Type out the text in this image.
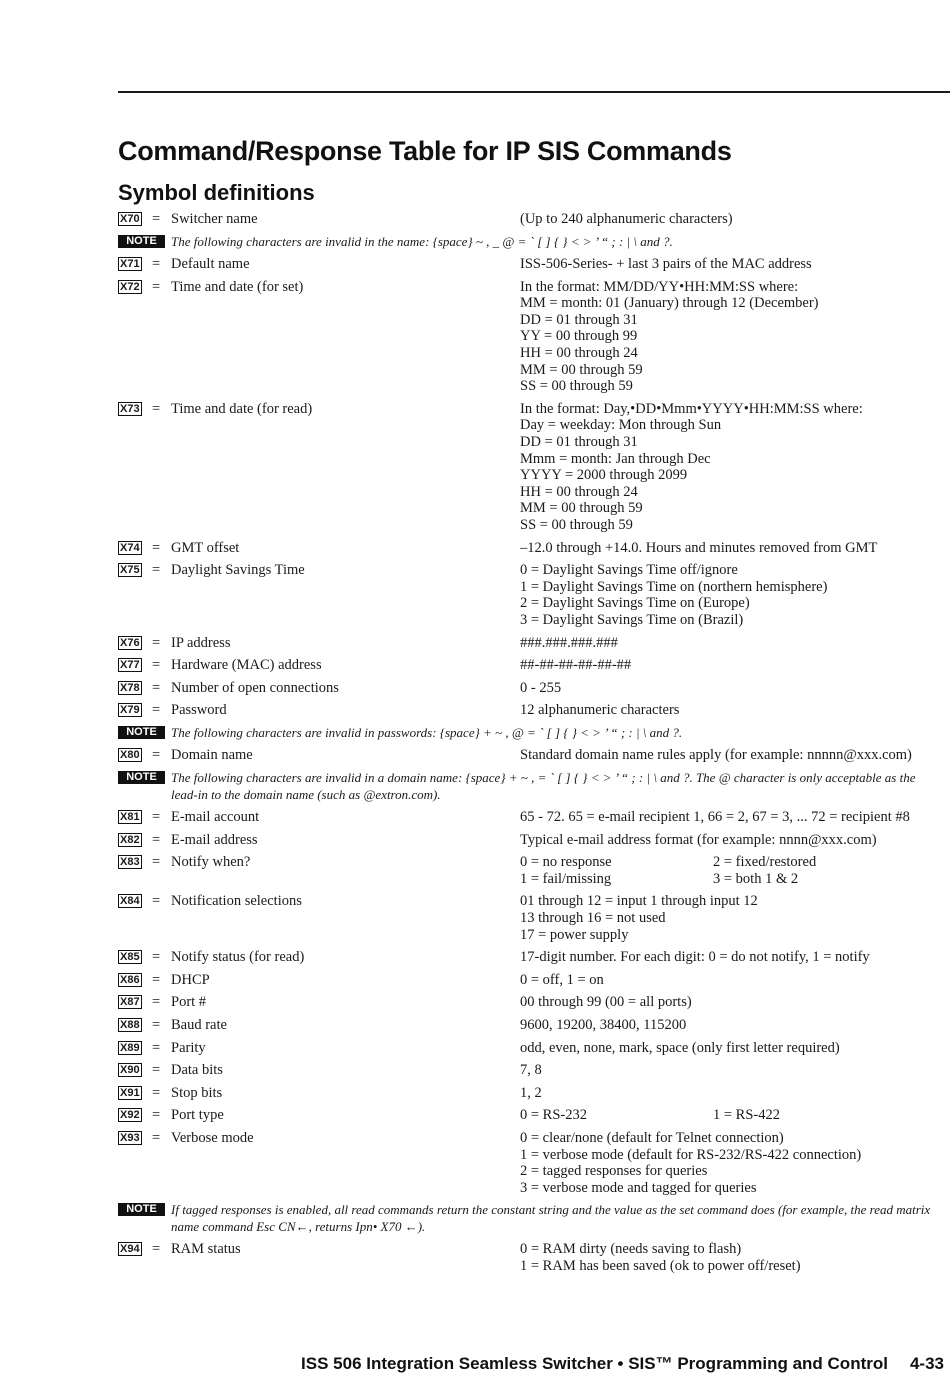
Command/Response Table for IP SIS Commands
Symbol definitions
X70 = Switcher name	(Up to 240 alphanumeric characters)
NOTE	The following characters are invalid in the name: {space} ~ , _ @ = ` [ ] { } < > ’ “ ; : | \ and ?.
X71 = Default name	ISS-506-Series- + last 3 pairs of the MAC address
X72 = Time and date (for set)	In the format: MM/DD/YY•HH:MM:SS where:
MM = month: 01 (January) through 12 (December)
DD = 01 through 31
YY = 00 through 99
HH = 00 through 24
MM = 00 through 59
SS = 00 through 59
X73 = Time and date (for read)	In the format: Day,•DD•Mmm•YYYY•HH:MM:SS where:
Day = weekday: Mon through Sun
DD = 01 through 31
Mmm = month: Jan through Dec
YYYY = 2000 through 2099
HH = 00 through 24
MM = 00 through 59
SS = 00 through 59
X74 = GMT offset	–12.0 through +14.0. Hours and minutes removed from GMT
X75 = Daylight Savings Time	0 = Daylight Savings Time off/ignore
1 = Daylight Savings Time on (northern hemisphere)
2 = Daylight Savings Time on (Europe)
3 = Daylight Savings Time on (Brazil)
X76 = IP address	###.###.###.###
X77 = Hardware (MAC) address	##-##-##-##-##-##
X78 = Number of open connections	0 - 255
X79 = Password	12 alphanumeric characters
NOTE	The following characters are invalid in passwords: {space} + ~ , @ = ` [ ] { } < > ’ “ ; : | \ and ?.
X80 = Domain name	Standard domain name rules apply (for example: nnnnn@xxx.com)
NOTE	The following characters are invalid in a domain name: {space} + ~ , = ` [ ] { } < > ’ “ ; : | \ and ?. The @ character is only acceptable as the lead-in to the domain name (such as @extron.com).
X81 = E-mail account	65 - 72. 65 = e-mail recipient 1, 66 = 2, 67 = 3, ... 72 = recipient #8
X82 = E-mail address	Typical e-mail address format (for example: nnnn@xxx.com)
X83 = Notify when?	0 = no response	2 = fixed/restored
1 = fail/missing	3 = both 1 & 2
X84 = Notification selections	01 through 12 = input 1 through input 12
13 through 16 = not used
17 = power supply
X85 = Notify status (for read)	17-digit number. For each digit: 0 = do not notify, 1 = notify
X86 = DHCP	0 = off, 1 = on
X87 = Port #	00 through 99 (00 = all ports)
X88 = Baud rate	9600, 19200, 38400, 115200
X89 = Parity	odd, even, none, mark, space (only first letter required)
X90 = Data bits	7, 8
X91 = Stop bits	1, 2
X92 = Port type	0 = RS-232	1 = RS-422
X93 = Verbose mode	0 = clear/none (default for Telnet connection)
1 = verbose mode (default for RS-232/RS-422 connection)
2 = tagged responses for queries
3 = verbose mode and tagged for queries
NOTE	If tagged responses is enabled, all read commands return the constant string and the value as the set command does (for example, the read matrix name command Esc CN←, returns Ipn• X70 ←).
X94 = RAM status	0 = RAM dirty (needs saving to flash)
1 = RAM has been saved (ok to power off/reset)
ISS 506 Integration Seamless Switcher • SIS™ Programming and Control 4-33
